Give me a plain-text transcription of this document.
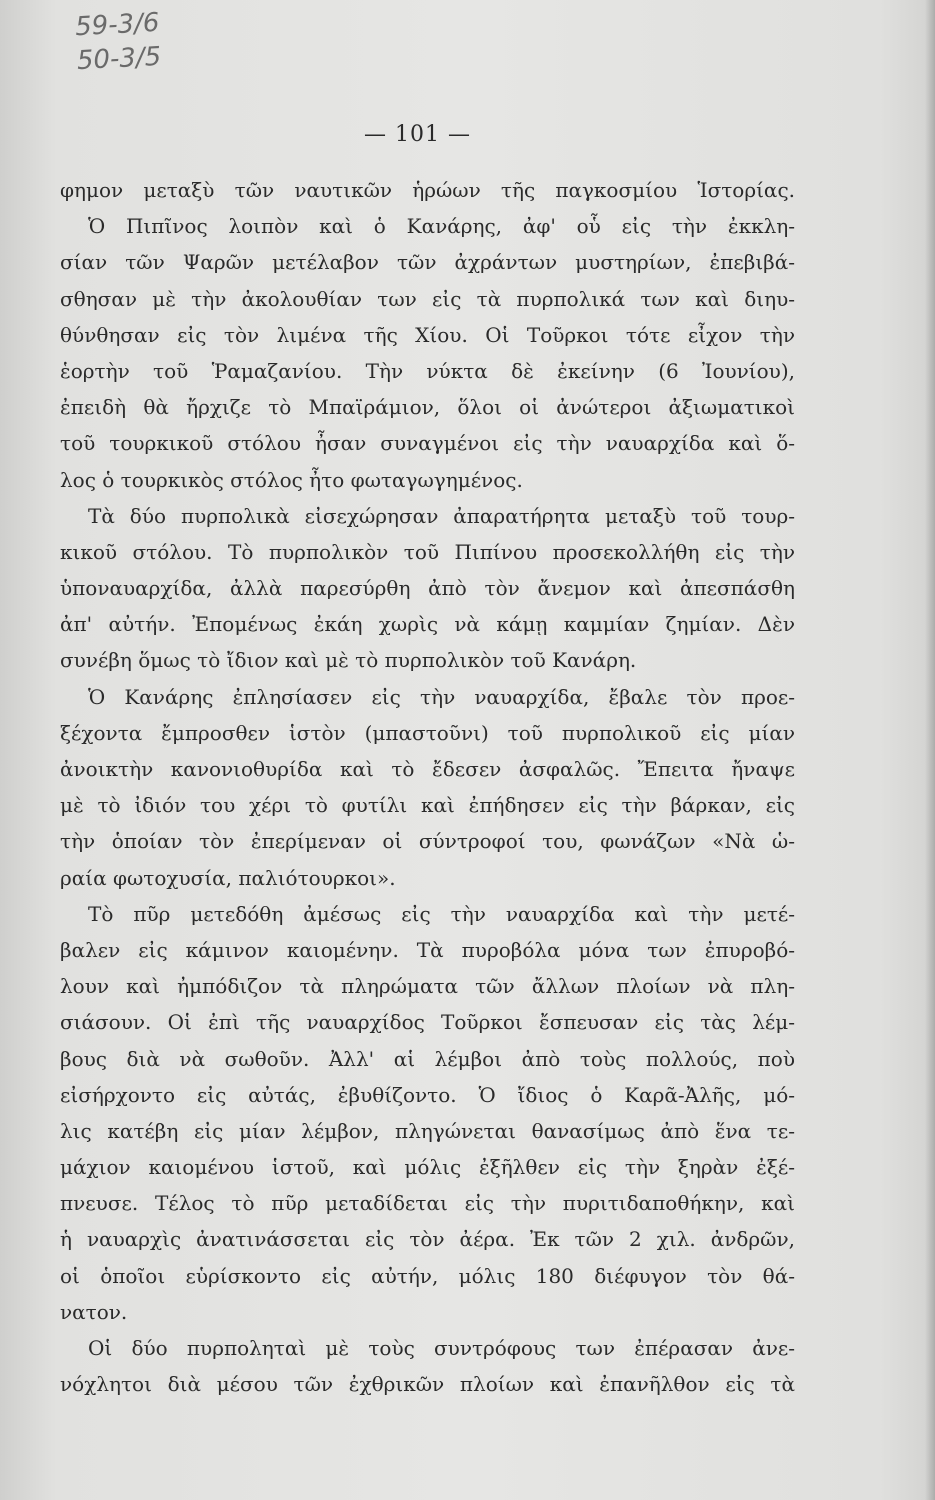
59-3/6
50-3/5
— 101 —
φημον μεταξὺ τῶν ναυτικῶν ἡρώων τῆς παγκοσμίου Ἱστορίας.
Ὁ Πιπῖνος λοιπὸν καὶ ὁ Κανάρης, ἀφ' οὗ εἰς τὴν ἐκκλη-
σίαν τῶν Ψαρῶν μετέλαβον τῶν ἀχράντων μυστηρίων, ἐπεβιβά-
σθησαν μὲ τὴν ἀκολουθίαν των εἰς τὰ πυρπολικά των καὶ διηυ-
θύνθησαν εἰς τὸν λιμένα τῆς Χίου. Οἱ Τοῦρκοι τότε εἶχον τὴν
ἑορτὴν τοῦ Ῥαμαζανίου. Τὴν νύκτα δὲ ἐκείνην (6 Ἰουνίου),
ἐπειδὴ θὰ ἤρχιζε τὸ Μπαϊράμιον, ὅλοι οἱ ἀνώτεροι ἀξιωματικοὶ
τοῦ τουρκικοῦ στόλου ἦσαν συναγμένοι εἰς τὴν ναυαρχίδα καὶ ὅ-
λος ὁ τουρκικὸς στόλος ἦτο φωταγωγημένος.
Τὰ δύο πυρπολικὰ εἰσεχώρησαν ἀπαρατήρητα μεταξὺ τοῦ τουρ-
κικοῦ στόλου. Τὸ πυρπολικὸν τοῦ Πιπίνου προσεκολλήθη εἰς τὴν
ὑποναυαρχίδα, ἀλλὰ παρεσύρθη ἀπὸ τὸν ἄνεμον καὶ ἀπεσπάσθη
ἀπ' αὐτήν. Ἐπομένως ἐκάη χωρὶς νὰ κάμῃ καμμίαν ζημίαν. Δὲν
συνέβη ὅμως τὸ ἴδιον καὶ μὲ τὸ πυρπολικὸν τοῦ Κανάρη.
Ὁ Κανάρης ἐπλησίασεν εἰς τὴν ναυαρχίδα, ἔβαλε τὸν προε-
ξέχοντα ἔμπροσθεν ἱστὸν (μπαστοῦνι) τοῦ πυρπολικοῦ εἰς μίαν
ἀνοικτὴν κανονιοθυρίδα καὶ τὸ ἔδεσεν ἀσφαλῶς. Ἔπειτα ἤναψε
μὲ τὸ ἰδιόν του χέρι τὸ φυτίλι καὶ ἐπήδησεν εἰς τὴν βάρκαν, εἰς
τὴν ὁποίαν τὸν ἐπερίμεναν οἱ σύντροφοί του, φωνάζων «Νὰ ὡ-
ραία φωτοχυσία, παλιότουρκοι».
Τὸ πῦρ μετεδόθη ἀμέσως εἰς τὴν ναυαρχίδα καὶ τὴν μετέ-
βαλεν εἰς κάμινον καιομένην. Τὰ πυροβόλα μόνα των ἐπυροβό-
λουν καὶ ἠμπόδιζον τὰ πληρώματα τῶν ἄλλων πλοίων νὰ πλη-
σιάσουν. Οἱ ἐπὶ τῆς ναυαρχίδος Τοῦρκοι ἔσπευσαν εἰς τὰς λέμ-
βους διὰ νὰ σωθοῦν. Ἀλλ' αἱ λέμβοι ἀπὸ τοὺς πολλούς, ποὺ
εἰσήρχοντο εἰς αὐτάς, ἐβυθίζοντο. Ὁ ἴδιος ὁ Καρᾶ-Ἀλῆς, μό-
λις κατέβη εἰς μίαν λέμβον, πληγώνεται θανασίμως ἀπὸ ἕνα τε-
μάχιον καιομένου ἱστοῦ, καὶ μόλις ἐξῆλθεν εἰς τὴν ξηρὰν ἐξέ-
πνευσε. Τέλος τὸ πῦρ μεταδίδεται εἰς τὴν πυριτιδαποθήκην, καὶ
ἡ ναυαρχὶς ἀνατινάσσεται εἰς τὸν ἀέρα. Ἐκ τῶν 2 χιλ. ἀνδρῶν,
οἱ ὁποῖοι εὑρίσκοντο εἰς αὐτήν, μόλις 180 διέφυγον τὸν θά-
νατον.
Οἱ δύο πυρποληταὶ μὲ τοὺς συντρόφους των ἐπέρασαν ἀνε-
νόχλητοι διὰ μέσου τῶν ἐχθρικῶν πλοίων καὶ ἐπανῆλθον εἰς τὰ
